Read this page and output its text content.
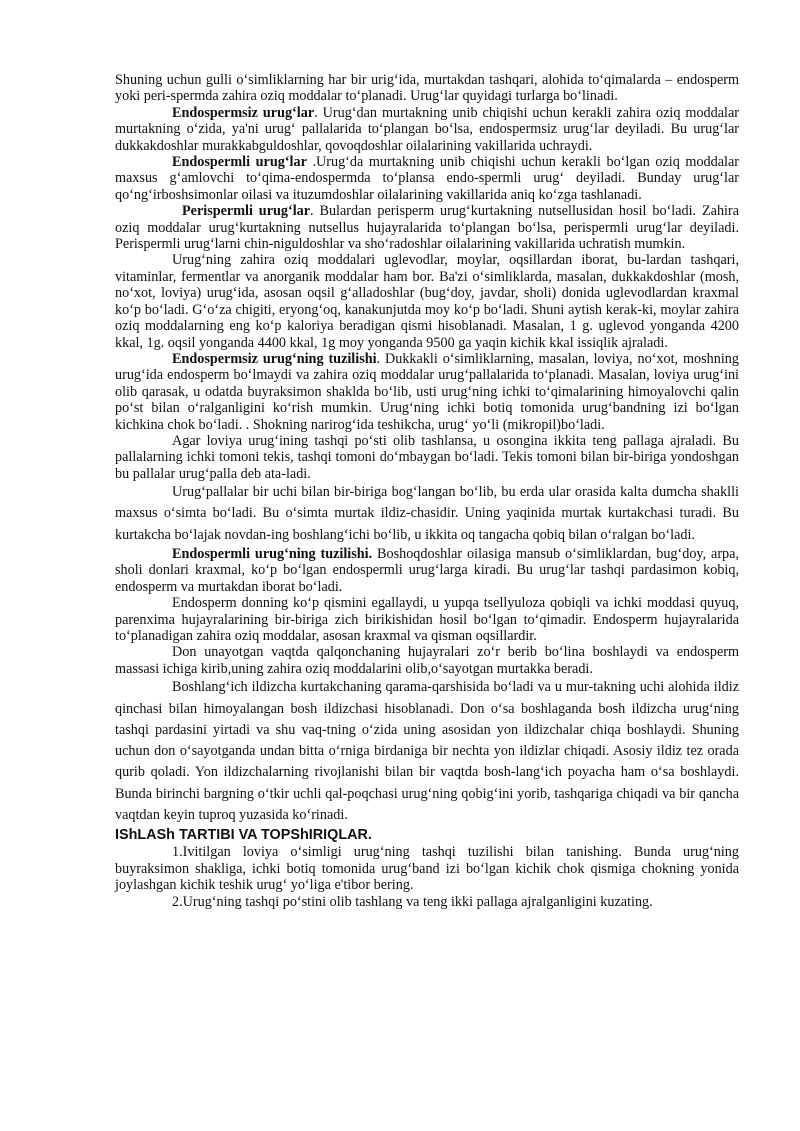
Shuning uchun gulli o‘simliklarning har bir urig‘ida, murtakdan tashqari, alohida to‘qimalarda – endosperm yoki peri-spermda zahira oziq moddalar to‘planadi. Urug‘lar quyidagi turlarga bo‘linadi.

Endospermsiz urug‘lar. Urug‘dan murtakning unib chiqishi uchun kerakli zahira oziq moddalar murtakning o‘zida, ya'ni urug‘ pallalarida to‘plangan bo‘lsa, endospermsiz urug‘lar deyiladi. Bu urug‘lar dukkakdoshlar murakkabguldoshlar, qovoqdoshlar oilalarining vakillarida uchraydi.

Endospermli urug‘lar .Urug‘da murtakning unib chiqishi uchun kerakli bo‘lgan oziq moddalar maxsus g‘amlovchi to‘qima-endospermda to‘plansa endo-spermli urug‘ deyiladi. Bunday urug‘lar qo‘ng‘irboshsimonlar oilasi va ituzumdoshlar oilalarining vakillarida aniq ko‘zga tashlanadi.

Perispermli urug‘lar. Bulardan perisperm urug‘kurtakning nutsellusidan hosil bo‘ladi. Zahira oziq moddalar urug‘kurtakning nutsellus hujayralarida to‘plangan bo‘lsa, perispermli urug‘lar deyiladi. Perispermli urug‘larni chin-niguldoshlar va sho‘radoshlar oilalarining vakillarida uchratish mumkin.

Urug‘ning zahira oziq moddalari uglevodlar, moylar, oqsillardan iborat, bu-lardan tashqari, vitaminlar, fermentlar va anorganik moddalar ham bor. Ba'zi o‘simliklarda, masalan, dukkakdoshlar (mosh, no‘xot, loviya) urug‘ida, asosan oqsil g‘alladoshlar (bug‘doy, javdar, sholi) donida uglevodlardan kraxmal ko‘p bo‘ladi. G‘o‘za chigiti, eryong‘oq, kanakunjutda moy ko‘p bo‘ladi. Shuni aytish kerak-ki, moylar zahira oziq moddalarning eng ko‘p kaloriya beradigan qismi hisoblanadi. Masalan, 1 g. uglevod yonganda 4200 kkal, 1g. oqsil yonganda 4400 kkal, 1g moy yonganda 9500 ga yaqin kichik kkal issiqlik ajraladi.

Endospermsiz urug‘ning tuzilishi. Dukkakli o‘simliklarning, masalan, loviya, no‘xot, moshning urug‘ida endosperm bo‘lmaydi va zahira oziq moddalar urug‘pallalarida to‘planadi. Masalan, loviya urug‘ini olib qarasak, u odatda buyraksimon shaklda bo‘lib, usti urug‘ning ichki to‘qimalarining himoyalovchi qalin po‘st bilan o‘ralganligini ko‘rish mumkin. Urug‘ning ichki botiq tomonida urug‘bandning izi bo‘lgan kichkina chok bo‘ladi. . Shokning narirog‘ida teshikcha, urug‘ yo‘li (mikropil)bo‘ladi.

Agar loviya urug‘ining tashqi po‘sti olib tashlansa, u osongina ikkita teng pallaga ajraladi. Bu pallalarning ichki tomoni tekis, tashqi tomoni do‘mbaygan bo‘ladi. Tekis tomoni bilan bir-biriga yondoshgan bu pallalar urug‘palla deb ata-ladi.

Urug‘pallalar bir uchi bilan bir-biriga bog‘langan bo‘lib, bu erda ular orasida kalta dumcha shaklli maxsus o‘simta bo‘ladi. Bu o‘simta murtak ildiz-chasidir. Uning yaqinida murtak kurtakchasi turadi. Bu kurtakcha bo‘lajak novdan-ing boshlang‘ichi bo‘lib, u ikkita oq tangacha qobiq bilan o‘ralgan bo‘ladi.

Endospermli urug‘ning tuzilishi. Boshoqdoshlar oilasiga mansub o‘simliklardan, bug‘doy, arpa, sholi donlari kraxmal, ko‘p bo‘lgan endospermli urug‘larga kiradi. Bu urug‘lar tashqi pardasimon kobiq, endosperm va murtakdan iborat bo‘ladi.

Endosperm donning ko‘p qismini egallaydi, u yupqa tsellyuloza qobiqli va ichki moddasi quyuq, parenxima hujayralarining bir-biriga zich birikishidan hosil bo‘lgan to‘qimadir. Endosperm hujayralarida to‘planadigan zahira oziq moddalar, asosan kraxmal va qisman oqsillardir.

Don unayotgan vaqtda qalqonchaning hujayralari zo‘r berib bo‘lina boshlaydi va endosperm massasi ichiga kirib,uning zahira oziq moddalarini olib,o‘sayotgan murtakka beradi.

Boshlang‘ich ildizcha kurtakchaning qarama-qarshisida bo‘ladi va u mur-takning uchi alohida ildiz qinchasi bilan himoyalangan bosh ildizchasi hisoblanadi. Don o‘sa boshlaganda bosh ildizcha urug‘ning tashqi pardasini yirtadi va shu vaq-tning o‘zida uning asosidan yon ildizchalar chiqa boshlaydi. Shuning uchun don o‘sayotganda undan bitta o‘rniga birdaniga bir nechta yon ildizlar chiqadi. Asosiy ildiz tez orada qurib qoladi. Yon ildizchalarning rivojlanishi bilan bir vaqtda bosh-lang‘ich poyacha ham o‘sa boshlaydi. Bunda birinchi bargning o‘tkir uchli qal-poqchasi urug‘ning qobig‘ini yorib, tashqariga chiqadi va bir qancha vaqtdan keyin tuproq yuzasida ko‘rinadi.

IShLASh TARTIBI VA TOPShIRIQLAR.

1.Ivitilgan loviya o‘simligi urug‘ning tashqi tuzilishi bilan tanishing. Bunda urug‘ning buyraksimon shakliga, ichki botiq tomonida urug‘band izi bo‘lgan kichik chok qismiga chokning yonida joylashgan kichik teshik urug‘ yo‘liga e'tibor bering.

2.Urug‘ning tashqi po‘stini olib tashlang va teng ikki pallaga ajralganligini kuzating.
